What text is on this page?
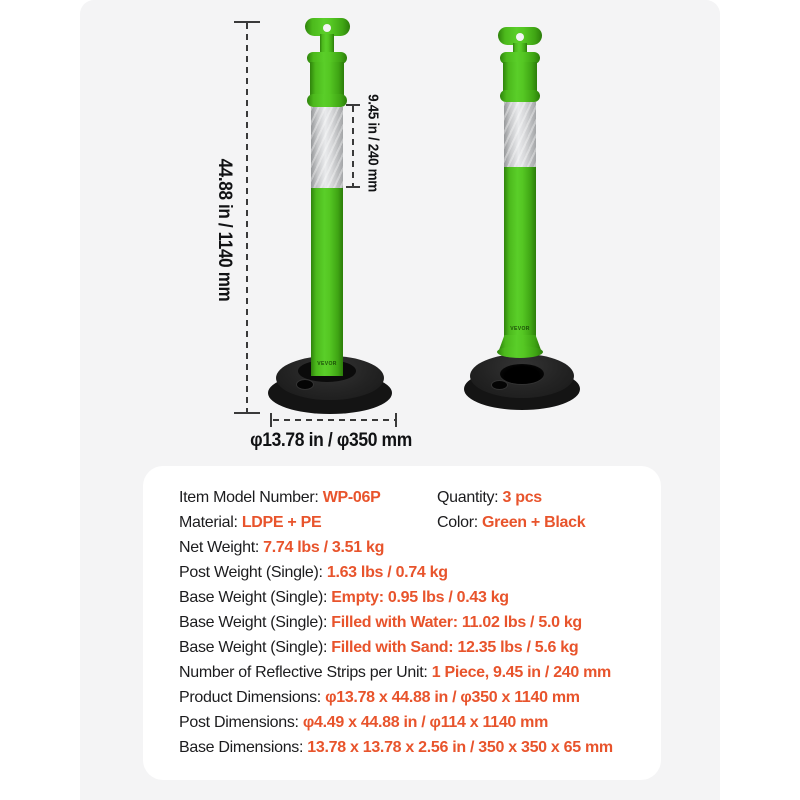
44.88 in / 1140 mm
VEVOR
9.45 in / 240 mm
φ13.78 in / φ350 mm
VEVOR
Item Model Number: WP-06P	Quantity: 3 pcs
Material: LDPE + PE	Color: Green + Black
Net Weight: 7.74 lbs / 3.51 kg
Post Weight (Single): 1.63 lbs / 0.74 kg
Base Weight (Single): Empty: 0.95 lbs / 0.43 kg
Base Weight (Single): Filled with Water: 11.02 lbs / 5.0 kg
Base Weight (Single): Filled with Sand: 12.35 lbs / 5.6 kg
Number of Reflective Strips per Unit: 1 Piece, 9.45 in / 240 mm
Product Dimensions: φ13.78 x 44.88 in / φ350 x 1140 mm
Post Dimensions: φ4.49 x 44.88 in / φ114 x 1140 mm
Base Dimensions: 13.78 x 13.78 x 2.56 in / 350 x 350 x 65 mm
